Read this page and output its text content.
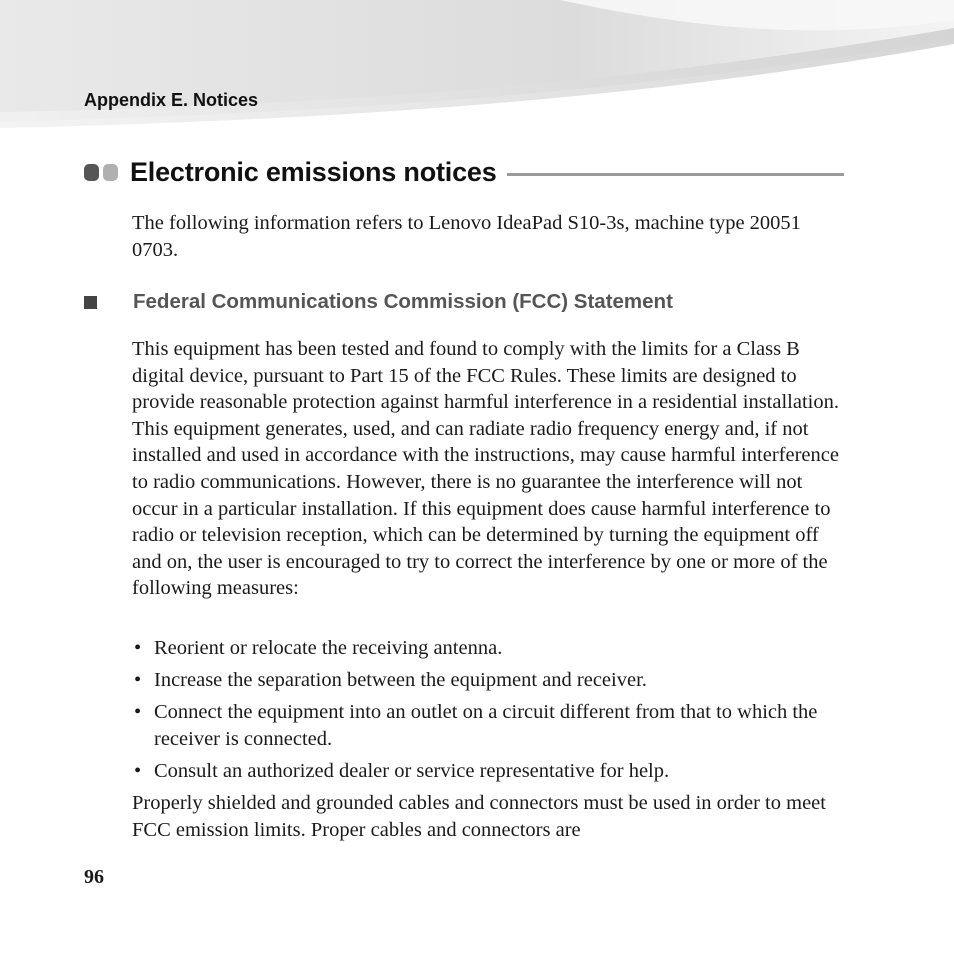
Appendix E. Notices

Electronic emissions notices

The following information refers to Lenovo IdeaPad S10-3s, machine type 20051 0703.

Federal Communications Commission (FCC) Statement

This equipment has been tested and found to comply with the limits for a Class B digital device, pursuant to Part 15 of the FCC Rules. These limits are designed to provide reasonable protection against harmful interference in a residential installation. This equipment generates, used, and can radiate radio frequency energy and, if not installed and used in accordance with the instructions, may cause harmful interference to radio communications. However, there is no guarantee the interference will not occur in a particular installation. If this equipment does cause harmful interference to radio or television reception, which can be determined by turning the equipment off and on, the user is encouraged to try to correct the interference by one or more of the following measures:

• Reorient or relocate the receiving antenna.
• Increase the separation between the equipment and receiver.
• Connect the equipment into an outlet on a circuit different from that to which the receiver is connected.
• Consult an authorized dealer or service representative for help.

Properly shielded and grounded cables and connectors must be used in order to meet FCC emission limits. Proper cables and connectors are

96
